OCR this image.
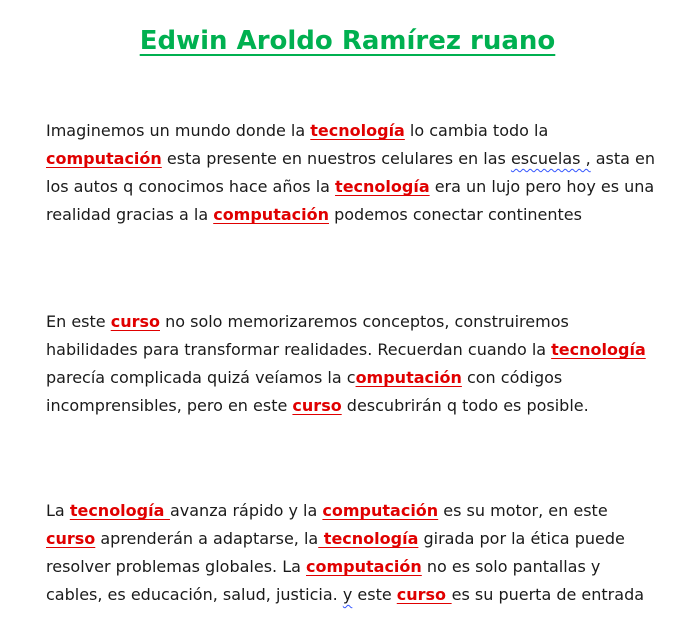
Edwin Aroldo Ramírez ruano

Imaginemos un mundo donde la tecnología lo cambia todo la computación esta presente en nuestros celulares en las escuelas , asta en los autos q conocimos hace años la tecnología era un lujo pero hoy es una realidad gracias a la computación podemos conectar continentes

En este curso no solo memorizaremos conceptos, construiremos habilidades para transformar realidades. Recuerdan cuando la tecnología parecía complicada quizá veíamos la computación con códigos incomprensibles, pero en este curso descubrirán q todo es posible.

La tecnología avanza rápido y la computación es su motor, en este curso aprenderán a adaptarse, la tecnología girada por la ética puede resolver problemas globales. La computación no es solo pantallas y cables, es educación, salud, justicia. y este curso es su puerta de entrada
